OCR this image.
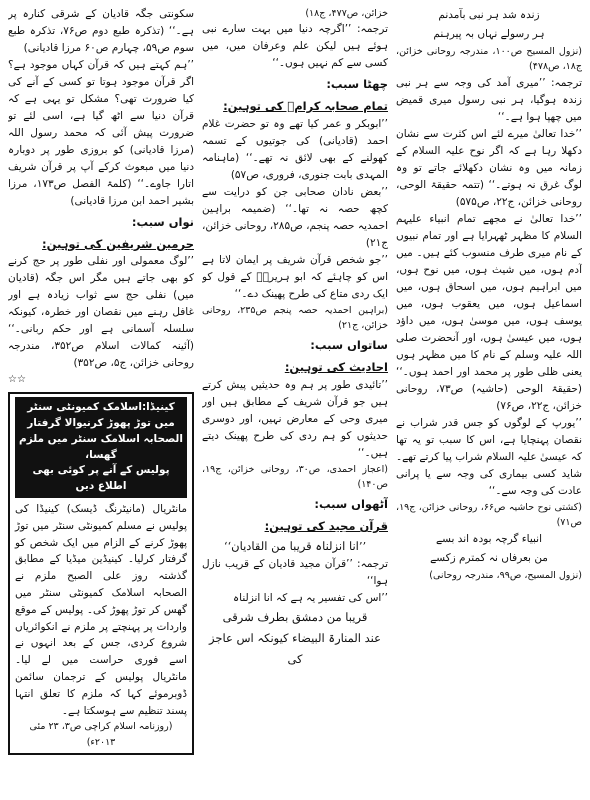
زندہ شد ہر نبی بآمدنم
ہر رسولے نہاں بہ پیرہنم
(نزول المسیح ص۱۰۰، مندرجہ روحانی خزائن، ج۱۸، ص۴۷۸)
ترجمہ: ’’میری آمد کی وجہ سے ہر نبی زندہ ہوگیا، ہر نبی رسول میری قمیض میں چھپا ہوا ہے۔‘‘
’’خدا تعالیٰ میرے لئے اس کثرت سے نشان دکھلا رہا ہے کہ اگر نوح علیہ السلام کے زمانہ میں وہ نشان دکھلائے جاتے تو وہ لوگ غرق نہ ہوتے۔‘‘ (تتمہ حقیقۃ الوحی، روحانی خزائن، ج۲۲، ص۵۷۵)
’’خدا تعالیٰ نے مجھے تمام انبیاء علیہم السلام کا مظہر ٹھہرایا ہے اور تمام نبیوں کے نام میری طرف منسوب کئے ہیں۔ میں آدم ہوں، میں شیث ہوں، میں نوح ہوں، میں ابراہیم ہوں، میں اسحاق ہوں، میں اسماعیل ہوں، میں یعقوب ہوں، میں یوسف ہوں، میں موسیٰ ہوں، میں داؤد ہوں، میں عیسیٰ ہوں، اور آنحضرت صلی اللہ علیہ وسلم کے نام کا میں مظہر ہوں یعنی ظلی طور پر محمد اور احمد ہوں۔‘‘ (حقیقۃ الوحی (حاشیہ) ص۷۳، روحانی خزائن، ج۲۲، ص۷۶)
’’یورپ کے لوگوں کو جس قدر شراب نے نقصان پہنچایا ہے، اس کا سبب تو یہ تھا کہ عیسیٰ علیہ السلام شراب پیا کرتے تھے۔ شاید کسی بیماری کی وجہ سے یا پرانی عادت کی وجہ سے۔‘‘
(کشتی نوح حاشیہ ص۶۶، روحانی خزائن، ج۱۹، ص۷۱)
انبیاء گرچہ بودہ اند بسے
من بعرفاں نہ کمترم زکسے
(نزول المسیح، ص۹۹، مندرجہ روحانی)
خزائن، ص۴۷۷، ج۱۸)
ترجمہ: ’’اگرچہ دنیا میں بہت سارے نبی ہوئے ہیں لیکن علم وعرفان میں، میں کسی سے کم نہیں ہوں۔‘‘
چھٹا سبب:
تمام صحابہ کرامؓ کی توہین:
’’ابوبکر و عمر کیا تھے وہ تو حضرت غلام احمد (قادیانی) کی جوتیوں کے تسمہ کھولنے کے بھی لائق نہ تھے۔‘‘ (ماہنامہ المہدی بابت جنوری، فروری، ص۵۷)
’’بعض نادان صحابی جن کو درایت سے کچھ حصہ نہ تھا۔‘‘ (ضمیمہ براہین احمدیہ حصہ پنجم، ص۲۸۵، روحانی خزائن، ج۲۱)
’’جو شخص قرآن شریف پر ایمان لاتا ہے اس کو چاہئے کہ ابو ہریرہؓ کے قول کو ایک ردی متاع کی طرح پھینک دے۔‘‘
(براہین احمدیہ حصہ پنجم ص۲۳۵، روحانی خزائن، ج۲۱)
ساتواں سبب:
احادیث کی توہین:
’’تائیدی طور پر ہم وہ حدیثیں پیش کرتے ہیں جو قرآن شریف کے مطابق ہیں اور میری وحی کے معارض نہیں، اور دوسری حدیثوں کو ہم ردی کی طرح پھینک دیتے ہیں۔‘‘
(اعجاز احمدی، ص۳۰، روحانی خزائن، ج۱۹، ص۱۴۰)
آٹھواں سبب:
قرآن مجید کی توہین:
’’انا انزلناہ قریبا من القادیان‘‘
ترجمہ: ’’قرآن مجید قادیان کے قریب نازل ہوا‘‘
’’اس کی تفسیر یہ ہے کہ انا انزلناہ
قریبا من دمشق بطرف شرقی
عند المنارۃ البیضاء کیونکہ اس عاجز کی
سکونتی جگہ قادیان کے شرقی کنارہ پر ہے۔‘‘ (تذکرہ طبع دوم ص۷۶، تذکرہ طبع سوم ص۵۹، چہارم ص۶۰ مرزا قادیانی)
’’ہم کہتے ہیں کہ قرآن کہاں موجود ہے؟ اگر قرآن موجود ہوتا تو کسی کے آنے کی کیا ضرورت تھی؟ مشکل تو یہی ہے کہ قرآن دنیا سے اٹھ گیا ہے، اسی لئے تو ضرورت پیش آئی کہ محمد رسول اللہ (مرزا قادیانی) کو بروزی طور پر دوبارہ دنیا میں مبعوث کرکے آپ پر قرآن شریف اتارا جاوے۔‘‘ (کلمۃ الفصل ص۱۷۳، مرزا بشیر احمد ابن مرزا قادیانی)
نواں سبب:
حرمین شریفین کی توہین:
’’لوگ معمولی اور نفلی طور پر حج کرنے کو بھی جاتے ہیں مگر اس جگہ (قادیان میں) نفلی حج سے ثواب زیادہ ہے اور غافل رہنے میں نقصان اور خطرہ، کیونکہ سلسلہ آسمانی ہے اور حکم ربانی۔‘‘ (آئینہ کمالات اسلام ص۳۵۲، مندرجہ روحانی خزائن، ج۵، ص۳۵۲)
☆☆
کینیڈا:اسلامک کمیونٹی سنٹر میں توڑ پھوڑ کرنیوالا گرفتار
الصحابہ اسلامک سنٹر میں ملزم گھسا،
پولیس کے آنے پر کوئی بھی اطلاع دیں
مانٹریال (مانیٹرنگ ڈیسک) کینیڈا کی پولیس نے مسلم کمیونٹی سنٹر میں توڑ پھوڑ کرنے کے الزام میں ایک شخص کو گرفتار کرلیا۔ کینیڈین میڈیا کے مطابق گذشتہ روز علی الصبح ملزم نے الصحابہ اسلامک کمیونٹی سنٹر میں گھس کر توڑ پھوڑ کی۔ پولیس کے موقع واردات پر پہنچتے پر ملزم نے انکوائریاں شروع کردی، جس کے بعد انہوں نے اسے فوری حراست میں لے لیا۔ مانٹریال پولیس کے ترجمان سائمن ڈوبرموئے کہا کہ ملزم کا تعلق انتہا پسند تنظیم سے ہوسکتا ہے۔
(روزنامہ اسلام کراچی ص۳، ۲۳ مئی ۲۰۱۳ء)
